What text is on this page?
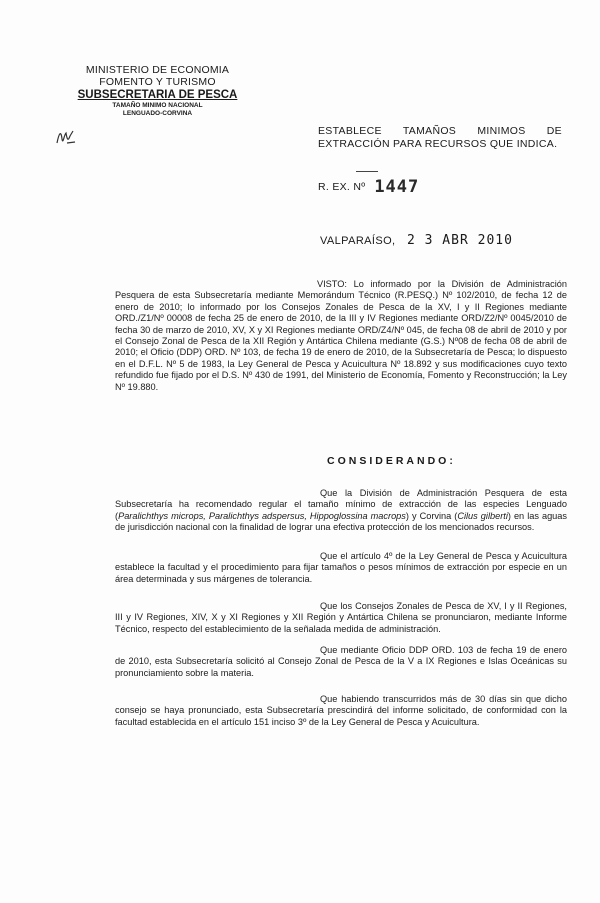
MINISTERIO DE ECONOMIA
FOMENTO Y TURISMO
SUBSECRETARIA DE PESCA
TAMAÑO MINIMO NACIONAL
LENGUADO-CORVINA
ESTABLECE TAMAÑOS MINIMOS DE EXTRACCIÓN PARA RECURSOS QUE INDICA.
R. EX. Nº 1447
VALPARAÍSO, 2 3 ABR 2010

VISTO: Lo informado por la División de Administración Pesquera de esta Subsecretaría mediante Memorándum Técnico (R.PESQ.) Nº 102/2010, de fecha 12 de enero de 2010; lo informado por los Consejos Zonales de Pesca de la XV, I y II Regiones mediante ORD./Z1/Nº 00008 de fecha 25 de enero de 2010, de la III y IV Regiones mediante ORD/Z2/Nº 0045/2010 de fecha 30 de marzo de 2010, XV, X y XI Regiones mediante ORD/Z4/Nº 045, de fecha 08 de abril de 2010 y por el Consejo Zonal de Pesca de la XII Región y Antártica Chilena mediante (G.S.) Nº08 de fecha 08 de abril de 2010; el Oficio (DDP) ORD. Nº 103, de fecha 19 de enero de 2010, de la Subsecretaría de Pesca; lo dispuesto en el D.F.L. Nº 5 de 1983, la Ley General de Pesca y Acuicultura Nº 18.892 y sus modificaciones cuyo texto refundido fue fijado por el D.S. Nº 430 de 1991, del Ministerio de Economía, Fomento y Reconstrucción; la Ley Nº 19.880.

CONSIDERANDO:

Que la División de Administración Pesquera de esta Subsecretaría ha recomendado regular el tamaño mínimo de extracción de las especies Lenguado (Paralichthys microps, Paralichthys adspersus, Hippoglossina macrops) y Corvina (Cilus gilberti) en las aguas de jurisdicción nacional con la finalidad de lograr una efectiva protección de los mencionados recursos.

Que el artículo 4º de la Ley General de Pesca y Acuicultura establece la facultad y el procedimiento para fijar tamaños o pesos mínimos de extracción por especie en un área determinada y sus márgenes de tolerancia.

Que los Consejos Zonales de Pesca de XV, I y II Regiones, III y IV Regiones, XIV, X y XI Regiones y XII Región y Antártica Chilena se pronunciaron, mediante Informe Técnico, respecto del establecimiento de la señalada medida de administración.

Que mediante Oficio DDP ORD. 103 de fecha 19 de enero de 2010, esta Subsecretaría solicitó al Consejo Zonal de Pesca de la V a IX Regiones e Islas Oceánicas su pronunciamiento sobre la materia.

Que habiendo transcurridos más de 30 días sin que dicho consejo se haya pronunciado, esta Subsecretaría prescindirá del informe solicitado, de conformidad con la facultad establecida en el artículo 151 inciso 3º de la Ley General de Pesca y Acuicultura.
